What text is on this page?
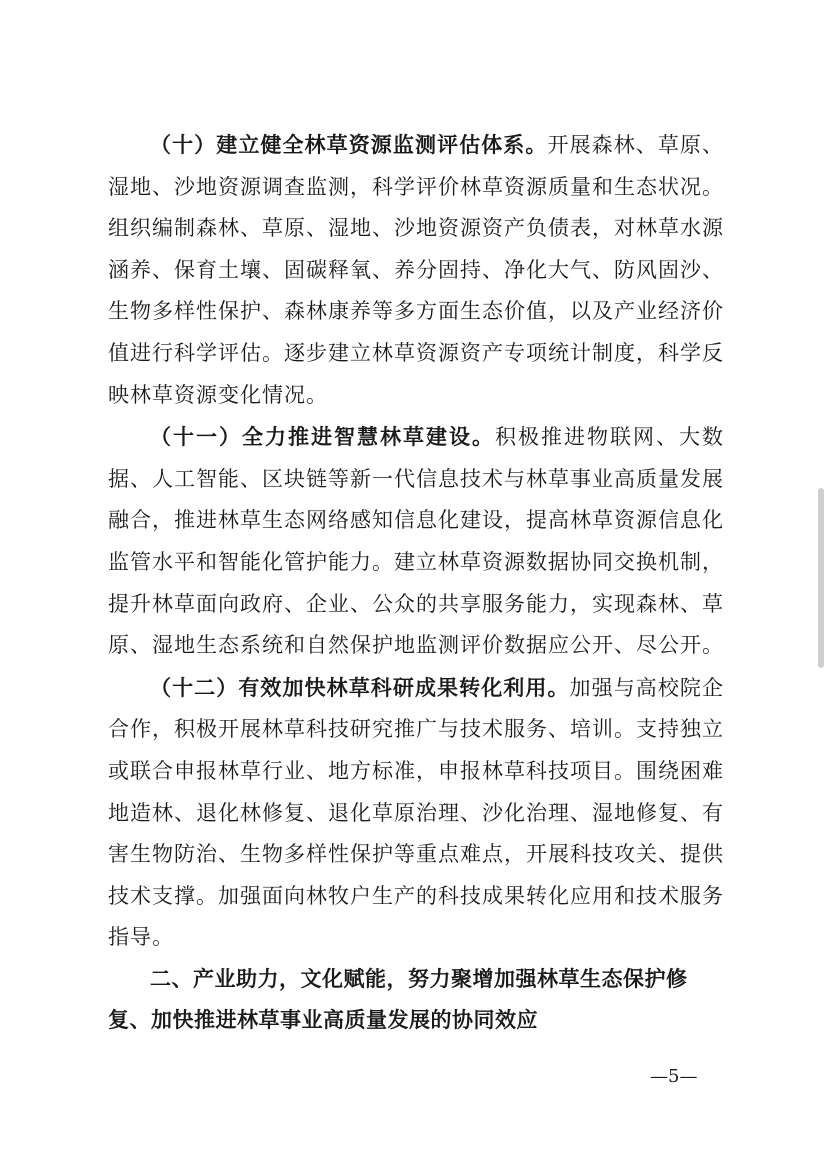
（十）建立健全林草资源监测评估体系。开展森林、草原、湿地、沙地资源调查监测，科学评价林草资源质量和生态状况。组织编制森林、草原、湿地、沙地资源资产负债表，对林草水源涵养、保育土壤、固碳释氧、养分固持、净化大气、防风固沙、生物多样性保护、森林康养等多方面生态价值，以及产业经济价值进行科学评估。逐步建立林草资源资产专项统计制度，科学反映林草资源变化情况。

（十一）全力推进智慧林草建设。积极推进物联网、大数据、人工智能、区块链等新一代信息技术与林草事业高质量发展融合，推进林草生态网络感知信息化建设，提高林草资源信息化监管水平和智能化管护能力。建立林草资源数据协同交换机制，提升林草面向政府、企业、公众的共享服务能力，实现森林、草原、湿地生态系统和自然保护地监测评价数据应公开、尽公开。

（十二）有效加快林草科研成果转化利用。加强与高校院企合作，积极开展林草科技研究推广与技术服务、培训。支持独立或联合申报林草行业、地方标准，申报林草科技项目。围绕困难地造林、退化林修复、退化草原治理、沙化治理、湿地修复、有害生物防治、生物多样性保护等重点难点，开展科技攻关、提供技术支撑。加强面向林牧户生产的科技成果转化应用和技术服务指导。

二、产业助力，文化赋能，努力聚增加强林草生态保护修复、加快推进林草事业高质量发展的协同效应

—5—
